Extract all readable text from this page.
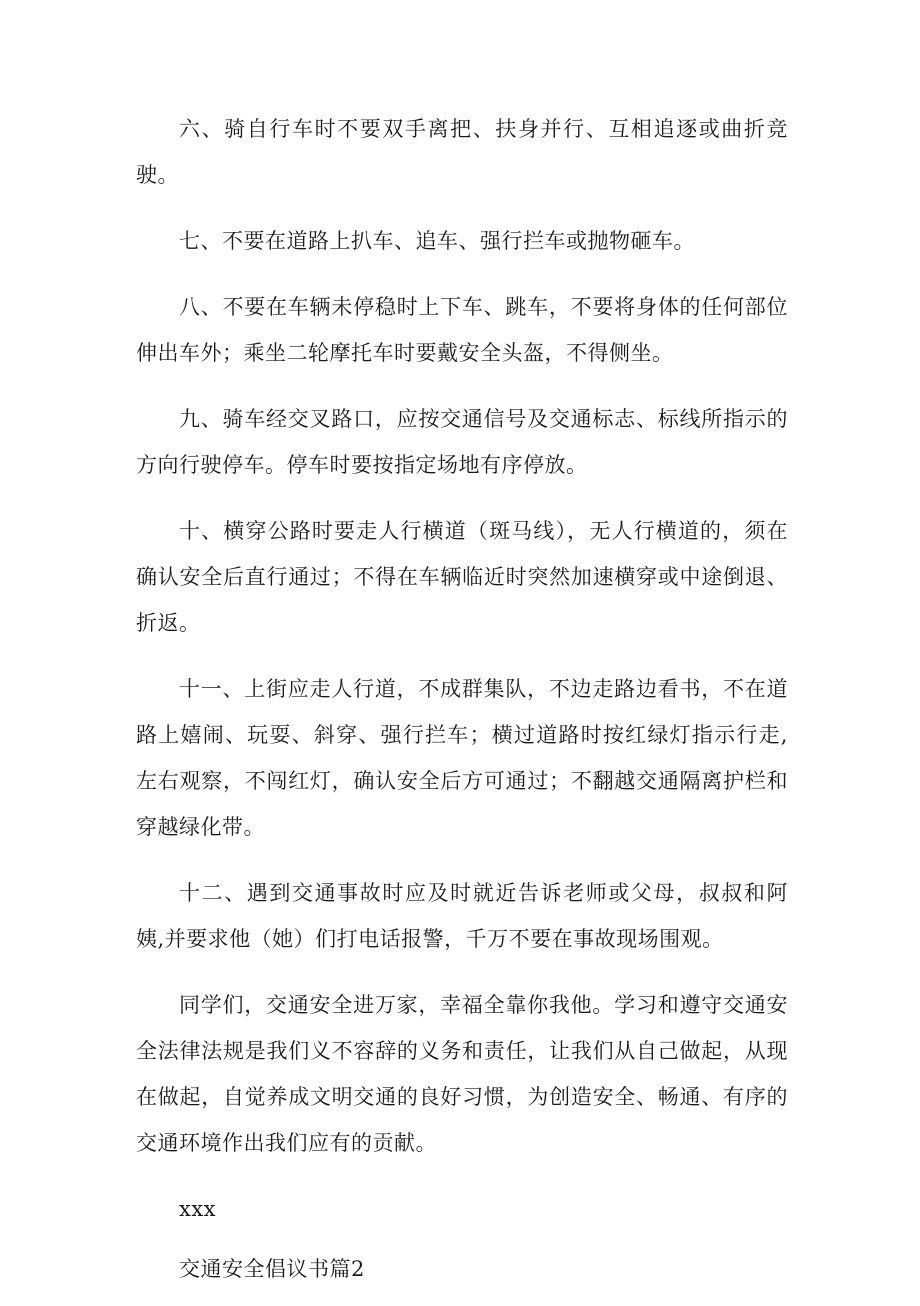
六、骑自行车时不要双手离把、扶身并行、互相追逐或曲折竞驶。

七、不要在道路上扒车、追车、强行拦车或抛物砸车。

八、不要在车辆未停稳时上下车、跳车，不要将身体的任何部位伸出车外；乘坐二轮摩托车时要戴安全头盔，不得侧坐。

九、骑车经交叉路口，应按交通信号及交通标志、标线所指示的方向行驶停车。停车时要按指定场地有序停放。

十、横穿公路时要走人行横道（斑马线），无人行横道的，须在确认安全后直行通过；不得在车辆临近时突然加速横穿或中途倒退、折返。

十一、上街应走人行道，不成群集队，不边走路边看书，不在道路上嬉闹、玩耍、斜穿、强行拦车；横过道路时按红绿灯指示行走,左右观察，不闯红灯，确认安全后方可通过；不翻越交通隔离护栏和穿越绿化带。

十二、遇到交通事故时应及时就近告诉老师或父母，叔叔和阿姨,并要求他（她）们打电话报警，千万不要在事故现场围观。

同学们，交通安全进万家，幸福全靠你我他。学习和遵守交通安全法律法规是我们义不容辞的义务和责任，让我们从自己做起，从现在做起，自觉养成文明交通的良好习惯，为创造安全、畅通、有序的交通环境作出我们应有的贡献。

xxx

交通安全倡议书篇2
